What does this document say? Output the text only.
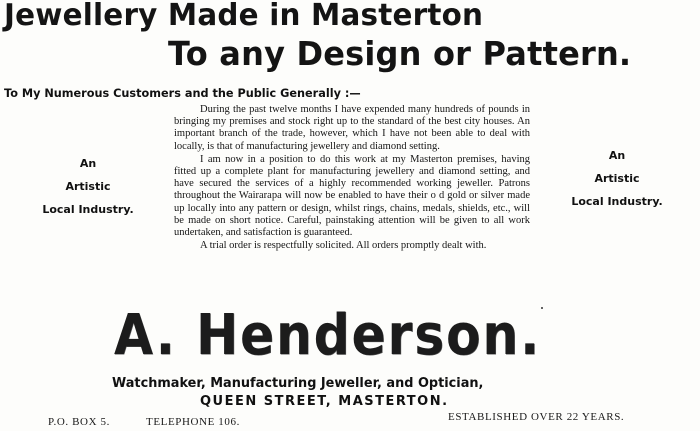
Jewellery Made in Masterton
To any Design or Pattern.
To My Numerous Customers and the Public Generally :—
An
Artistic
Local Industry.

During the past twelve months I have expended many hundreds of pounds in bringing my premises and stock right up to the standard of the best city houses. An important branch of the trade, however, which I have not been able to deal with locally, is that of manufacturing jewellery and diamond setting.

I am now in a position to do this work at my Masterton premises, having fitted up a complete plant for manufacturing jewellery and diamond setting, and have secured the services of a highly recommended working jeweller. Patrons throughout the Wairarapa will now be enabled to have their o d gold or silver made up locally into any pattern or design, whilst rings, chains, medals, shields, etc., will be made on short notice. Careful, painstaking attention will be given to all work undertaken, and satisfaction is guaranteed.

A trial order is respectfully solicited. All orders promptly dealt with.

An
Artistic
Local Industry.
A. Henderson.
Watchmaker, Manufacturing Jeweller, and Optician,
QUEEN STREET, MASTERTON.
P.O. BOX 5.	TELEPHONE 106.	ESTABLISHED OVER 22 YEARS.
